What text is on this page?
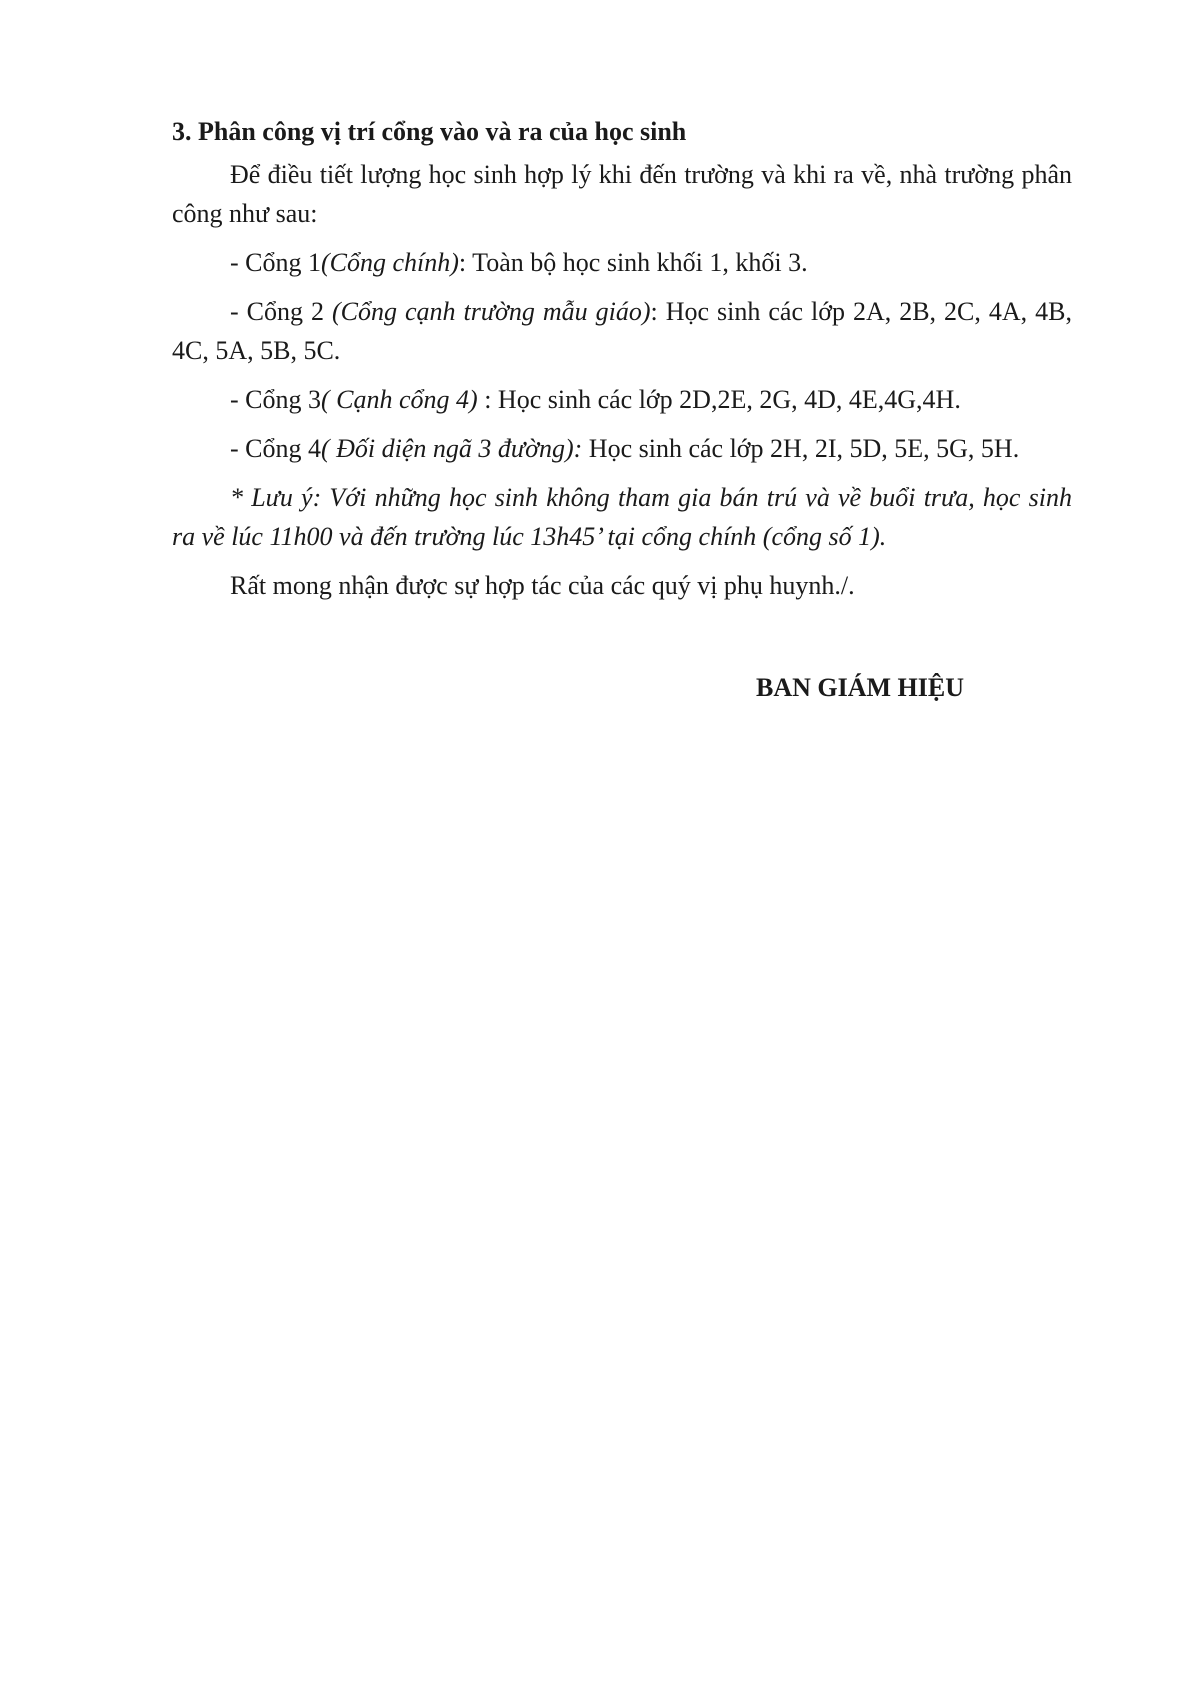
3. Phân công vị trí cổng vào và ra của học sinh

Để điều tiết lượng học sinh hợp lý khi đến trường và khi ra về, nhà trường phân công như sau:

- Cổng 1(Cổng chính): Toàn bộ học sinh khối 1, khối 3.

- Cổng 2 (Cổng cạnh trường mẫu giáo): Học sinh các lớp 2A, 2B, 2C, 4A, 4B, 4C, 5A, 5B, 5C.

- Cổng 3( Cạnh cổng 4) : Học sinh các lớp 2D,2E, 2G, 4D, 4E,4G,4H.

- Cổng 4( Đối diện ngã 3 đường): Học sinh các lớp 2H, 2I, 5D, 5E, 5G, 5H.

* Lưu ý: Với những học sinh không tham gia bán trú và về buổi trưa, học sinh ra về lúc 11h00 và đến trường lúc 13h45’ tại cổng chính (cổng số 1).

Rất mong nhận được sự hợp tác của các quý vị phụ huynh./.

BAN GIÁM HIỆU
